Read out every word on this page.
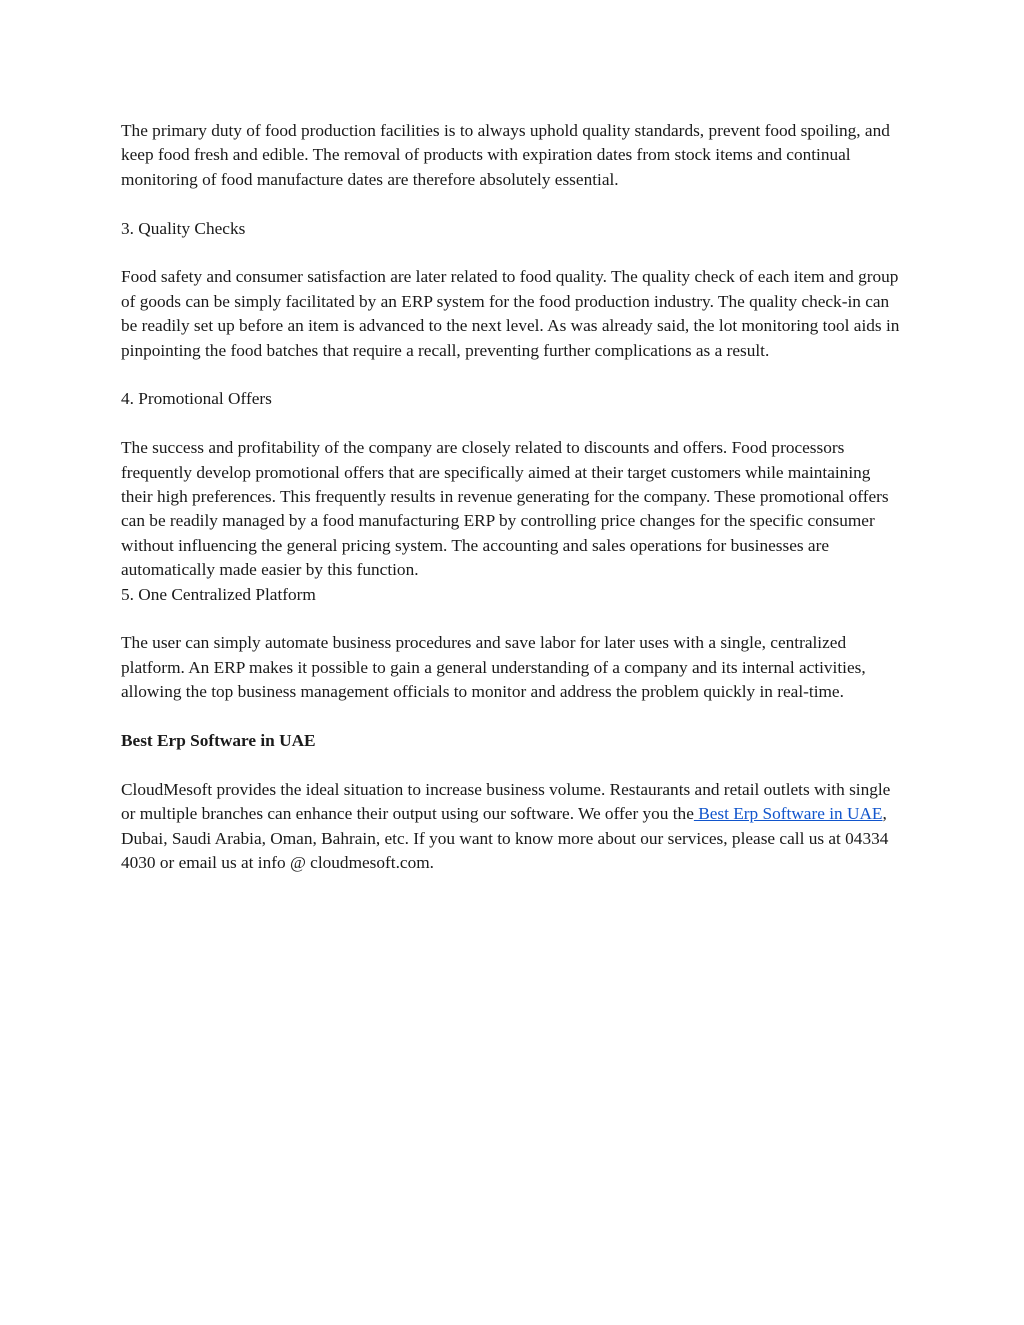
The primary duty of food production facilities is to always uphold quality standards, prevent food spoiling, and keep food fresh and edible. The removal of products with expiration dates from stock items and continual monitoring of food manufacture dates are therefore absolutely essential.

3. Quality Checks

Food safety and consumer satisfaction are later related to food quality. The quality check of each item and group of goods can be simply facilitated by an ERP system for the food production industry. The quality check-in can be readily set up before an item is advanced to the next level. As was already said, the lot monitoring tool aids in pinpointing the food batches that require a recall, preventing further complications as a result.

4. Promotional Offers

The success and profitability of the company are closely related to discounts and offers. Food processors frequently develop promotional offers that are specifically aimed at their target customers while maintaining their high preferences. This frequently results in revenue generating for the company. These promotional offers can be readily managed by a food manufacturing ERP by controlling price changes for the specific consumer without influencing the general pricing system. The accounting and sales operations for businesses are automatically made easier by this function.

5. One Centralized Platform

The user can simply automate business procedures and save labor for later uses with a single, centralized platform. An ERP makes it possible to gain a general understanding of a company and its internal activities, allowing the top business management officials to monitor and address the problem quickly in real-time.

Best Erp Software in UAE

CloudMesoft provides the ideal situation to increase business volume. Restaurants and retail outlets with single or multiple branches can enhance their output using our software. We offer you the Best Erp Software in UAE, Dubai, Saudi Arabia, Oman, Bahrain, etc. If you want to know more about our services, please call us at 04334 4030 or email us at info @ cloudmesoft.com.
